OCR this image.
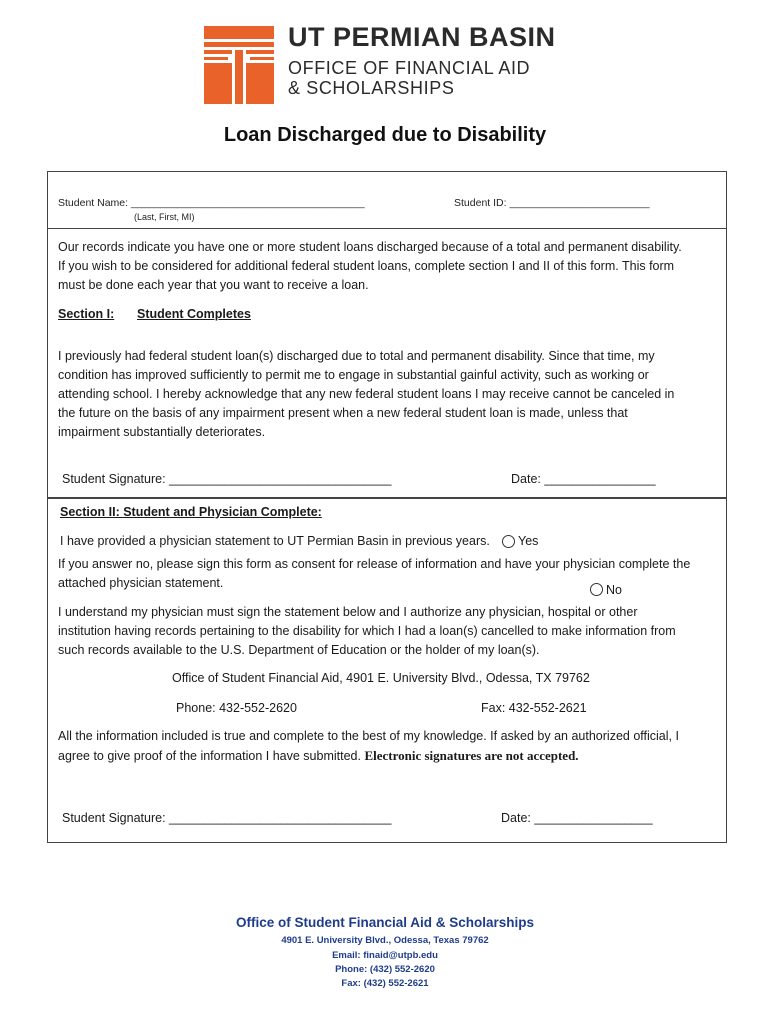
UT PERMIAN BASIN
OFFICE OF FINANCIAL AID
& SCHOLARSHIPS
Loan Discharged due to Disability
Student Name: ________________________________________
(Last, First, MI)
Student ID: ________________________
Our records indicate you have one or more student loans discharged because of a total and permanent disability.
If you wish to be considered for additional federal student loans, complete section I and II of this form. This form
must be done each year that you want to receive a loan.
Section I: Student Completes
I previously had federal student loan(s) discharged due to total and permanent disability. Since that time, my
condition has improved sufficiently to permit me to engage in substantial gainful activity, such as working or
attending school. I hereby acknowledge that any new federal student loans I may receive cannot be canceled in
the future on the basis of any impairment present when a new federal student loan is made, unless that
impairment substantially deteriorates.
Student Signature: ________________________________	Date: ________________
Section II: Student and Physician Complete:
I have provided a physician statement to UT Permian Basin in previous years. Yes
If you answer no, please sign this form as consent for release of information and have your physician complete the
attached physician statement.	No
I understand my physician must sign the statement below and I authorize any physician, hospital or other
institution having records pertaining to the disability for which I had a loan(s) cancelled to make information from
such records available to the U.S. Department of Education or the holder of my loan(s).
Office of Student Financial Aid, 4901 E. University Blvd., Odessa, TX 79762
Phone: 432-552-2620	Fax: 432-552-2621
All the information included is true and complete to the best of my knowledge. If asked by an authorized official, I
agree to give proof of the information I have submitted. Electronic signatures are not accepted.
Student Signature: ________________________________	Date: _________________
Office of Student Financial Aid & Scholarships
4901 E. University Blvd., Odessa, Texas 79762
Email: finaid@utpb.edu
Phone: (432) 552-2620
Fax: (432) 552-2621
